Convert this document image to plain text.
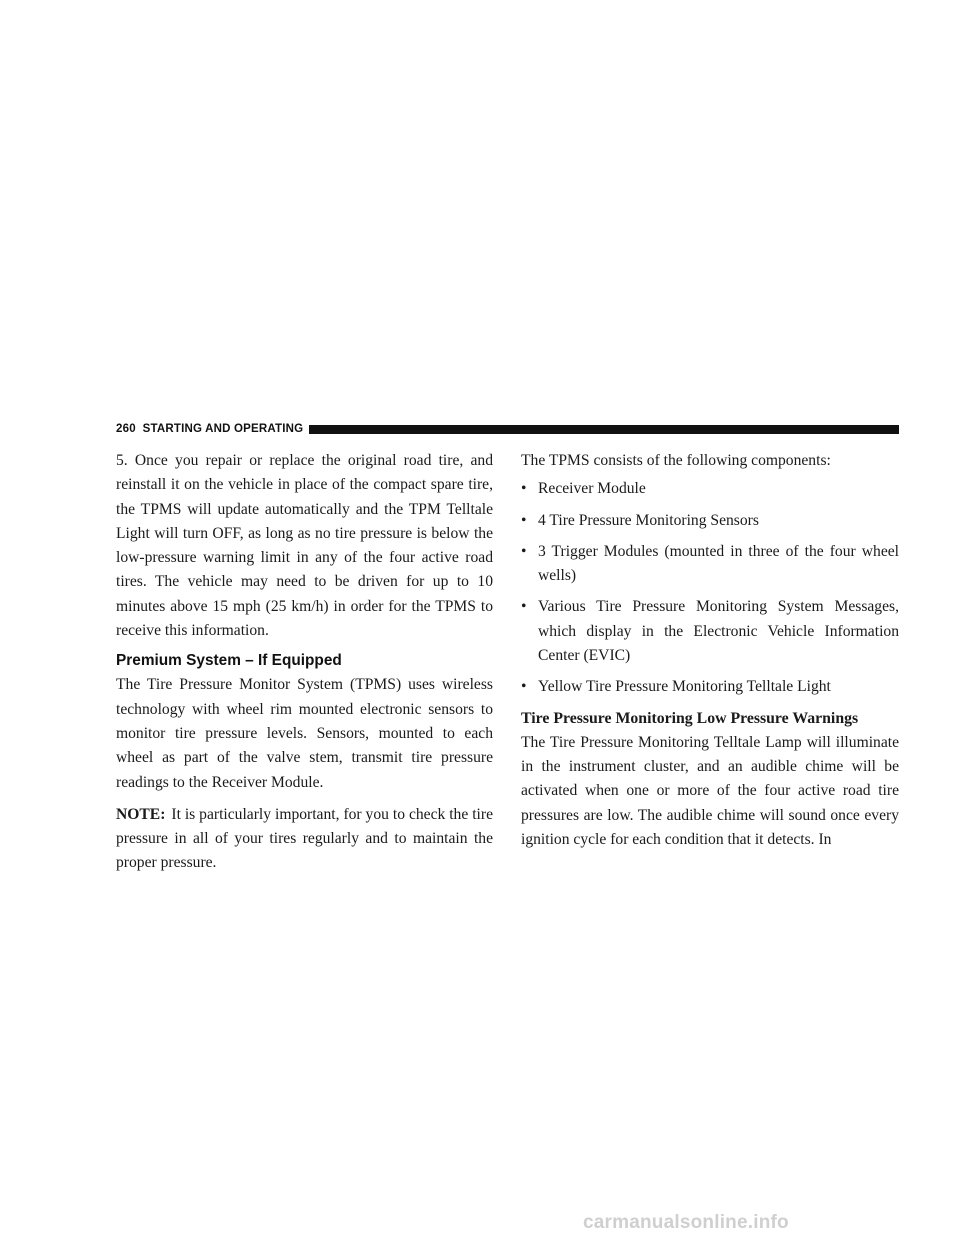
260 STARTING AND OPERATING

5. Once you repair or replace the original road tire, and reinstall it on the vehicle in place of the compact spare tire, the TPMS will update automatically and the TPM Telltale Light will turn OFF, as long as no tire pressure is below the low-pressure warning limit in any of the four active road tires. The vehicle may need to be driven for up to 10 minutes above 15 mph (25 km/h) in order for the TPMS to receive this information.

Premium System – If Equipped

The Tire Pressure Monitor System (TPMS) uses wireless technology with wheel rim mounted electronic sensors to monitor tire pressure levels. Sensors, mounted to each wheel as part of the valve stem, transmit tire pressure readings to the Receiver Module.

NOTE: It is particularly important, for you to check the tire pressure in all of your tires regularly and to maintain the proper pressure.

The TPMS consists of the following components:

• Receiver Module
• 4 Tire Pressure Monitoring Sensors
• 3 Trigger Modules (mounted in three of the four wheel wells)
• Various Tire Pressure Monitoring System Messages, which display in the Electronic Vehicle Information Center (EVIC)
• Yellow Tire Pressure Monitoring Telltale Light
Tire Pressure Monitoring Low Pressure Warnings

The Tire Pressure Monitoring Telltale Lamp will illuminate in the instrument cluster, and an audible chime will be activated when one or more of the four active road tire pressures are low. The audible chime will sound once every ignition cycle for each condition that it detects. In

carmanualsonline.info
